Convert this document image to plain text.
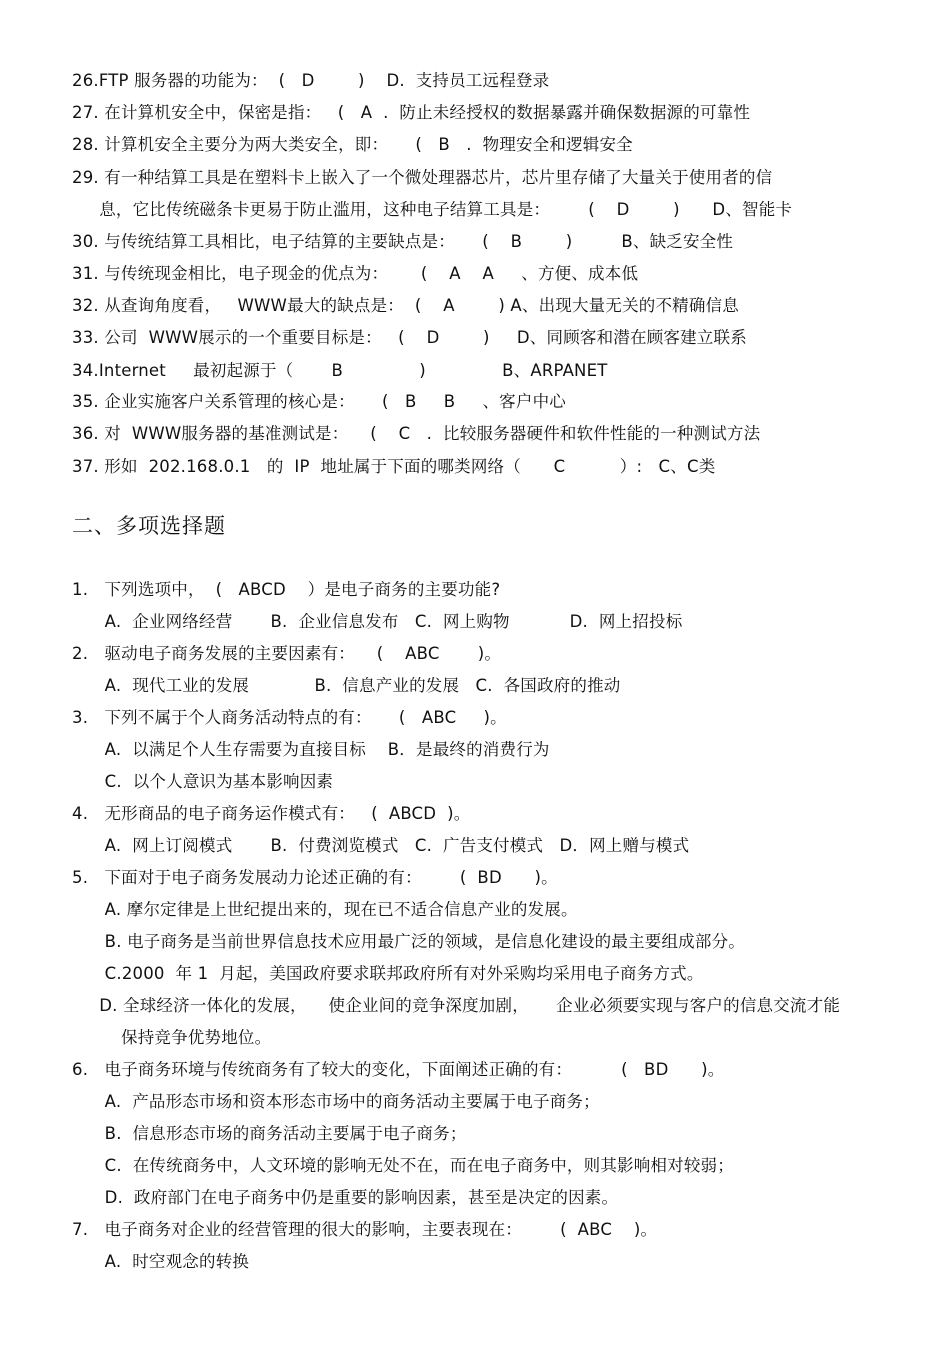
26.FTP 服务器的功能为：  (   D        )    D.  支持员工远程登录
27. 在计算机安全中，保密是指：   (   A  .  防止未经授权的数据暴露并确保数据源的可靠性
28. 计算机安全主要分为两大类安全，即：     (   B   .  物理安全和逻辑安全
29. 有一种结算工具是在塑料卡上嵌入了一个微处理器芯片，芯片里存储了大量关于使用者的信
息，它比传统磁条卡更易于防止滥用，这种电子结算工具是：       (    D        )      D、智能卡
30. 与传统结算工具相比，电子结算的主要缺点是：     (    B        )         B、缺乏安全性
31. 与传统现金相比，电子现金的优点为：      (    A    A     、方便、成本低
32. 从查询角度看，   WWW最大的缺点是：  (    A        ) A、出现大量无关的不精确信息
33. 公司  WWW展示的一个重要目标是：   (    D        )     D、同顾客和潜在顾客建立联系
34.Internet     最初起源于（       B              )              B、ARPANET
35. 企业实施客户关系管理的核心是：     (   B     B     、客户中心
36. 对  WWW服务器的基准测试是：    (    C   .  比较服务器硬件和软件性能的一种测试方法
37. 形如  202.168.0.1   的  IP  地址属于下面的哪类网络（      C          ）:   C、C类
二、多项选择题
1.   下列选项中，  (   ABCD    ）是电子商务的主要功能?
A.  企业网络经营       B.  企业信息发布   C.  网上购物           D.  网上招投标
2.   驱动电子商务发展的主要因素有：    (    ABC       )。
A.  现代工业的发展            B.  信息产业的发展   C.  各国政府的推动
3.   下列不属于个人商务活动特点的有：     (   ABC     )。
A.  以满足个人生存需要为直接目标    B．是最终的消费行为
C.  以个人意识为基本影响因素
4.   无形商品的电子商务运作模式有：   (  ABCD  )。
A.  网上订阅模式       B.  付费浏览模式   C.  广告支付模式   D．网上赠与模式
5.   下面对于电子商务发展动力论述正确的有：       (  BD      )。
A. 摩尔定律是上世纪提出来的，现在已不适合信息产业的发展。
B. 电子商务是当前世界信息技术应用最广泛的领域，是信息化建设的最主要组成部分。
C.2000  年 1  月起，美国政府要求联邦政府所有对外采购均采用电子商务方式。
D. 全球经济一体化的发展，    使企业间的竞争深度加剧，     企业必须要实现与客户的信息交流才能
保持竞争优势地位。
6.   电子商务环境与传统商务有了较大的变化，下面阐述正确的有：         (   BD      )。
A.  产品形态市场和资本形态市场中的商务活动主要属于电子商务；
B.  信息形态市场的商务活动主要属于电子商务；
C.  在传统商务中，人文环境的影响无处不在，而在电子商务中，则其影响相对较弱；
D.  政府部门在电子商务中仍是重要的影响因素，甚至是决定的因素。
7.   电子商务对企业的经营管理的很大的影响，主要表现在：       (  ABC    )。
A.  时空观念的转换
